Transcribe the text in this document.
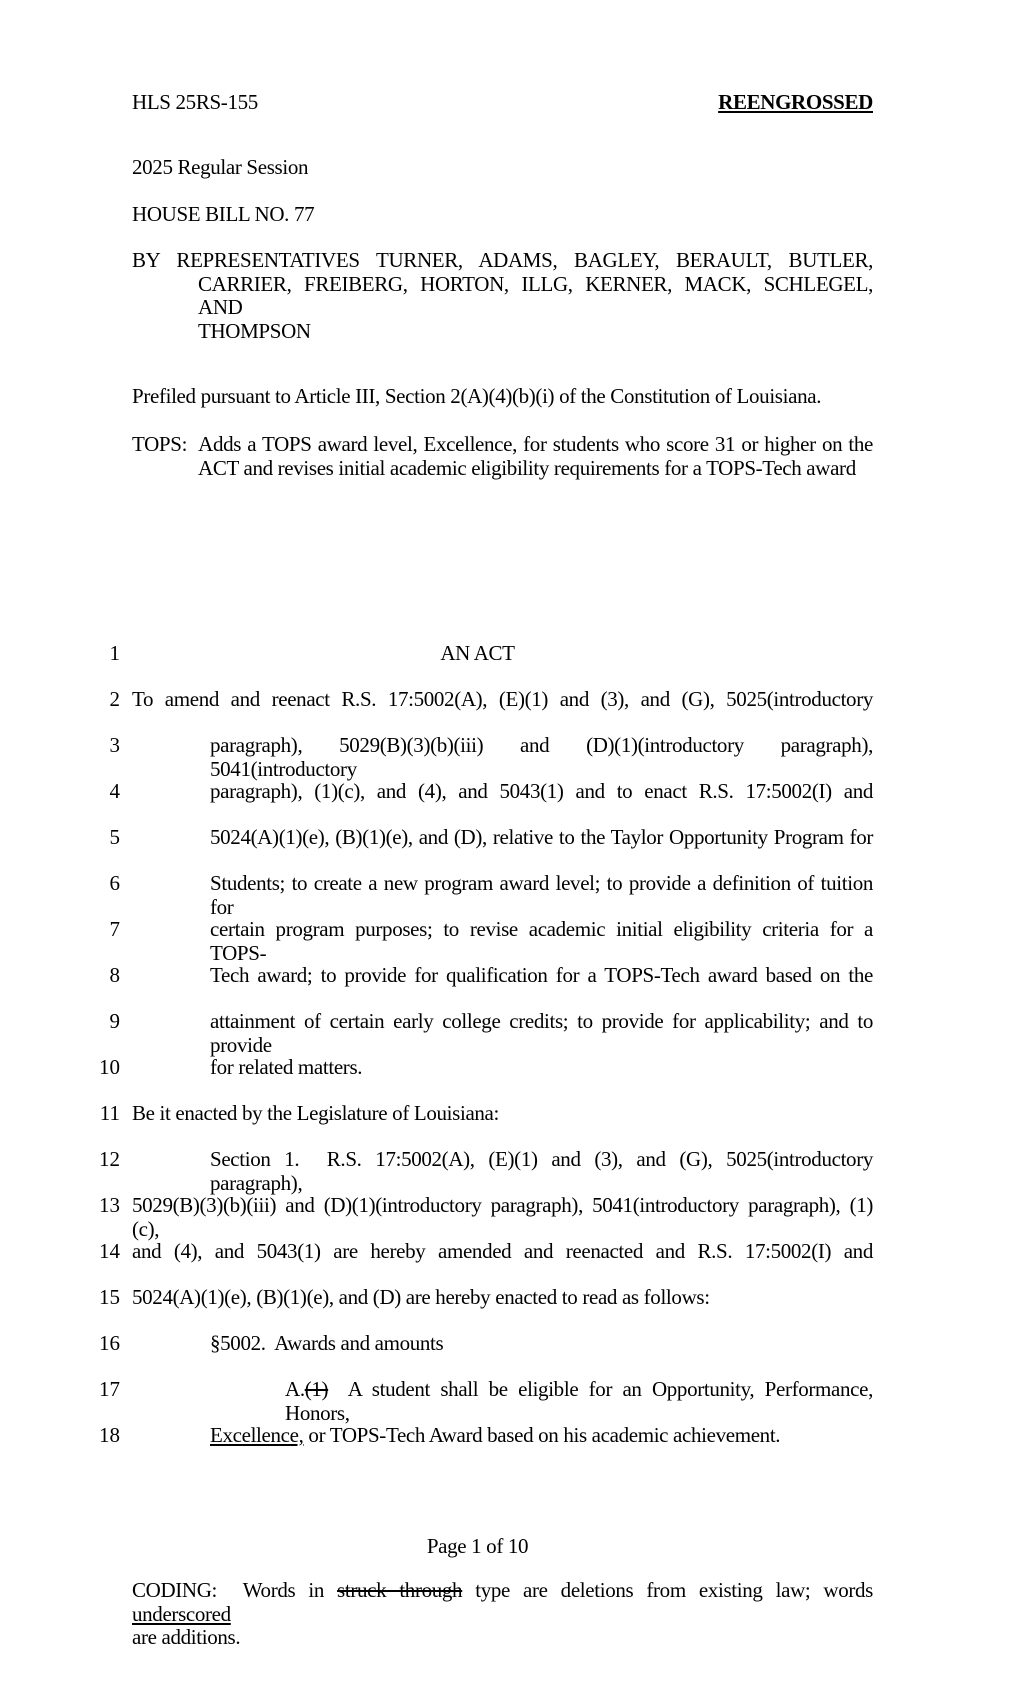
HLS 25RS-155	REENGROSSED
2025 Regular Session
HOUSE BILL NO. 77
BY REPRESENTATIVES TURNER, ADAMS, BAGLEY, BERAULT, BUTLER,
CARRIER, FREIBERG, HORTON, ILLG, KERNER, MACK, SCHLEGEL, AND
THOMPSON
Prefiled pursuant to Article III, Section 2(A)(4)(b)(i) of the Constitution of Louisiana.
TOPS:  Adds a TOPS award level, Excellence, for students who score 31 or higher on the
ACT and revises initial academic eligibility requirements for a TOPS-Tech award
1	AN ACT
2 To amend and reenact R.S. 17:5002(A), (E)(1) and (3), and (G), 5025(introductory
3	paragraph), 5029(B)(3)(b)(iii) and (D)(1)(introductory paragraph), 5041(introductory
4	paragraph), (1)(c), and (4), and 5043(1) and to enact R.S. 17:5002(I) and
5	5024(A)(1)(e), (B)(1)(e), and (D), relative to the Taylor Opportunity Program for
6	Students; to create a new program award level; to provide a definition of tuition for
7	certain program purposes; to revise academic initial eligibility criteria for a TOPS-
8	Tech award; to provide for qualification for a TOPS-Tech award based on the
9	attainment of certain early college credits; to provide for applicability; and to provide
10	for related matters.
11 Be it enacted by the Legislature of Louisiana:
12	Section 1.  R.S. 17:5002(A), (E)(1) and (3), and (G), 5025(introductory paragraph),
13 5029(B)(3)(b)(iii) and (D)(1)(introductory paragraph), 5041(introductory paragraph), (1)(c),
14 and (4), and 5043(1) are hereby amended and reenacted and R.S. 17:5002(I) and
15 5024(A)(1)(e), (B)(1)(e), and (D) are hereby enacted to read as follows:
16	§5002.  Awards and amounts
17	A.(1)  A student shall be eligible for an Opportunity, Performance, Honors,
18	Excellence, or TOPS-Tech Award based on his academic achievement.
Page 1 of 10
CODING:  Words in struck through type are deletions from existing law; words underscored
are additions.
